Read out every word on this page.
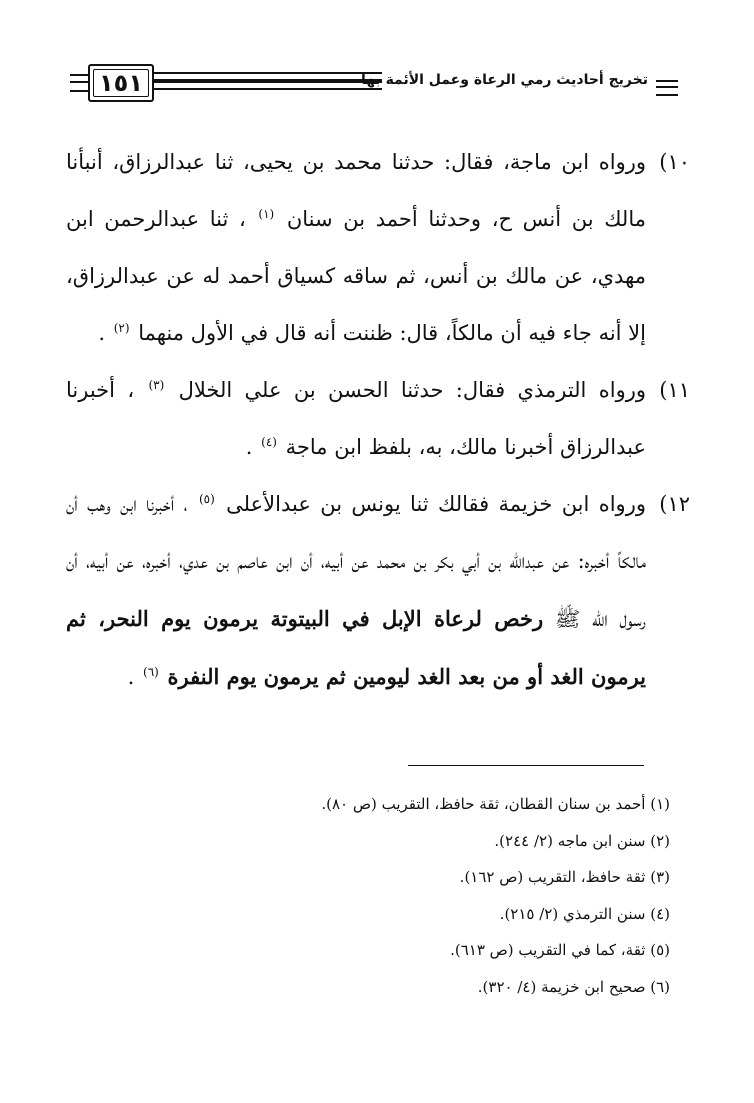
١٥١	تخريج أحاديث رمي الرعاة وعمل الأئمة بها

١٠)
ورواه ابن ماجة، فقال: حدثنا محمد بن يحيى، ثنا عبدالرزاق، أنبأنا مالك بن أنس ح، وحدثنا أحمد بن سنان $^{(١)}$ ، ثنا عبدالرحمن ابن مهدي، عن مالك بن أنس، ثم ساقه كسياق أحمد له عن عبدالرزاق، إلا أنه جاء فيه أن مالكاً، قال: ظننت أنه قال في الأول منهما $^{(٢)}$ .

١١)
ورواه الترمذي فقال: حدثنا الحسن بن علي الخلال $^{(٣)}$ ، أخبرنا عبدالرزاق أخبرنا مالك، به، بلفظ ابن ماجة $^{(٤)}$ .

١٢)
ورواه ابن خزيمة فقالك ثنا يونس بن عبدالأعلى $^{(٥)}$ ، أخبرنا ابن وهب أن مالكاً أخبره: عن عبدالله بن أبي بكر بن محمد عن أبيه، أن ابن عاصم بن عدي، أخبره، عن أبيه، أن رسول الله ﷺ رخص لرعاة الإبل في البيتوتة يرمون يوم النحر، ثم يرمون الغد أو من بعد الغد ليومين ثم يرمون يوم النفرة $^{(٦)}$ .

(١) أحمد بن سنان القطان، ثقة حافظ، التقريب (ص ٨٠).
(٢) سنن ابن ماجه (٢/ ٢٤٤).
(٣) ثقة حافظ، التقريب (ص ١٦٢).
(٤) سنن الترمذي (٢/ ٢١٥).
(٥) ثقة، كما في التقريب (ص ٦١٣).
(٦) صحيح ابن خزيمة (٤/ ٣٢٠).
